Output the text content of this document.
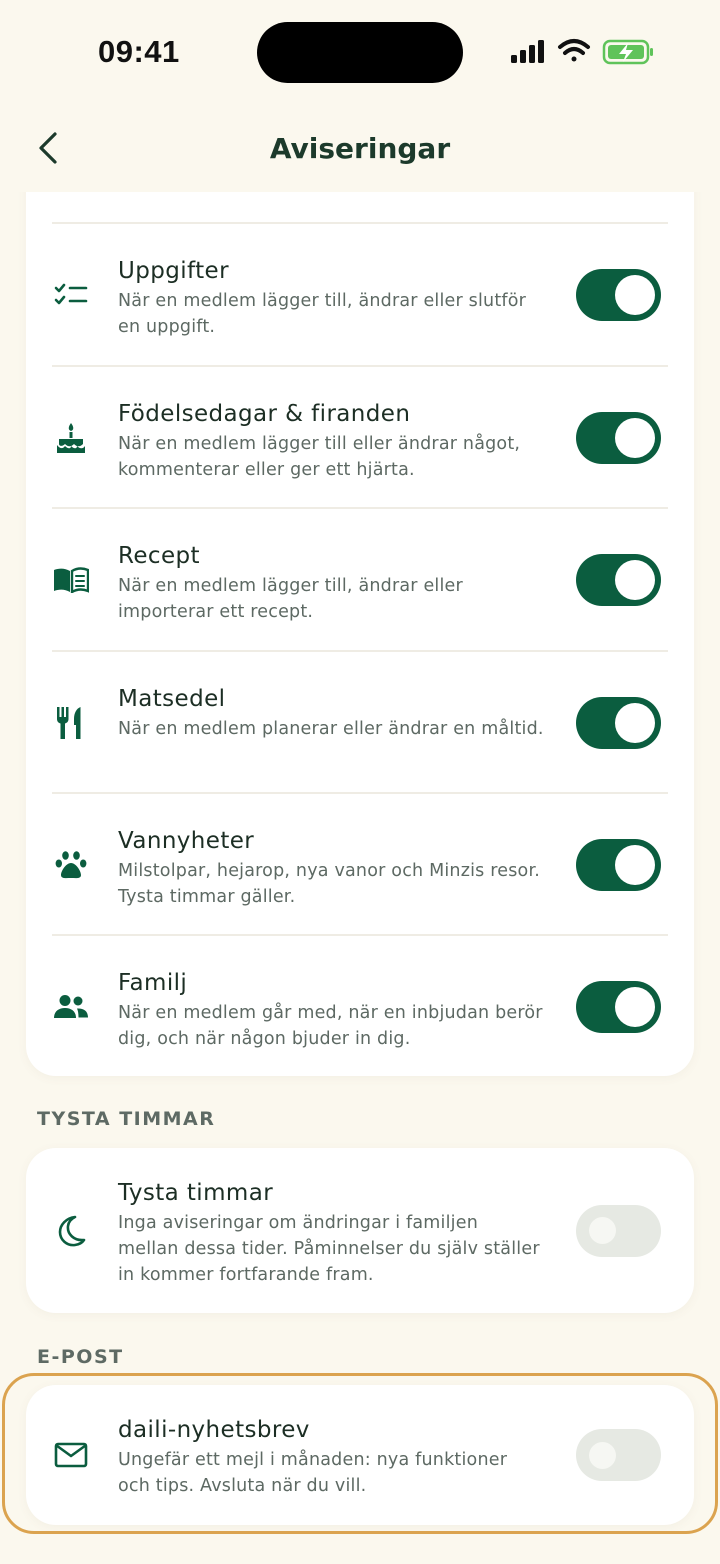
09:41
Aviseringar
Uppgifter
När en medlem lägger till, ändrar eller slutför en uppgift.
Födelsedagar & firanden
När en medlem lägger till eller ändrar något, kommenterar eller ger ett hjärta.
Recept
När en medlem lägger till, ändrar eller importerar ett recept.
Matsedel
När en medlem planerar eller ändrar en måltid.
Vannyheter
Milstolpar, hejarop, nya vanor och Minzis resor. Tysta timmar gäller.
Familj
När en medlem går med, när en inbjudan berör dig, och när någon bjuder in dig.
TYSTA TIMMAR
Tysta timmar
Inga aviseringar om ändringar i familjen mellan dessa tider. Påminnelser du själv ställer in kommer fortfarande fram.
E-POST
daili-nyhetsbrev
Ungefär ett mejl i månaden: nya funktioner och tips. Avsluta när du vill.
